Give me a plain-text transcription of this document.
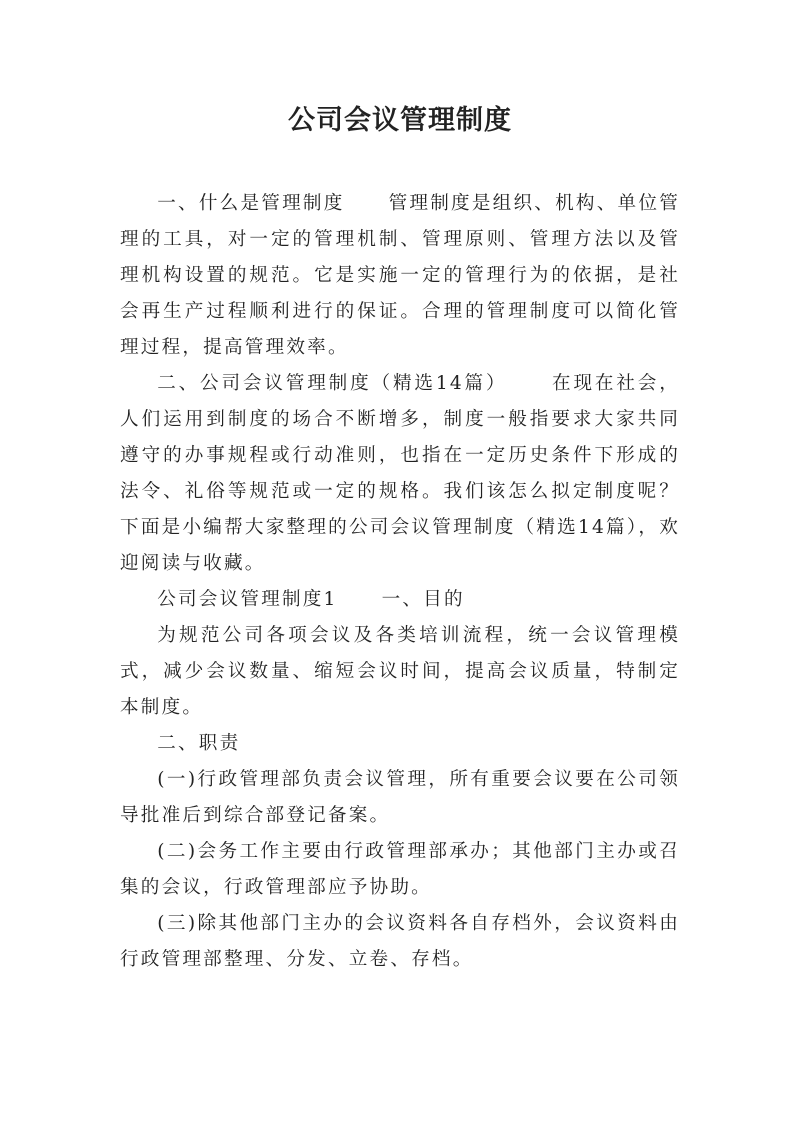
公司会议管理制度

一、什么是管理制度 管理制度是组织、机构、单位管理的工具，对一定的管理机制、管理原则、管理方法以及管理机构设置的规范。它是实施一定的管理行为的依据，是社会再生产过程顺利进行的保证。合理的管理制度可以简化管理过程，提高管理效率。

二、公司会议管理制度（精选14篇） 在现在社会，人们运用到制度的场合不断增多，制度一般指要求大家共同遵守的办事规程或行动准则，也指在一定历史条件下形成的法令、礼俗等规范或一定的规格。我们该怎么拟定制度呢？下面是小编帮大家整理的公司会议管理制度（精选14篇），欢迎阅读与收藏。

公司会议管理制度1 一、目的

为规范公司各项会议及各类培训流程，统一会议管理模式，减少会议数量、缩短会议时间，提高会议质量，特制定本制度。

二、职责

(一)行政管理部负责会议管理，所有重要会议要在公司领导批准后到综合部登记备案。

(二)会务工作主要由行政管理部承办；其他部门主办或召集的会议，行政管理部应予协助。

(三)除其他部门主办的会议资料各自存档外，会议资料由行政管理部整理、分发、立卷、存档。
